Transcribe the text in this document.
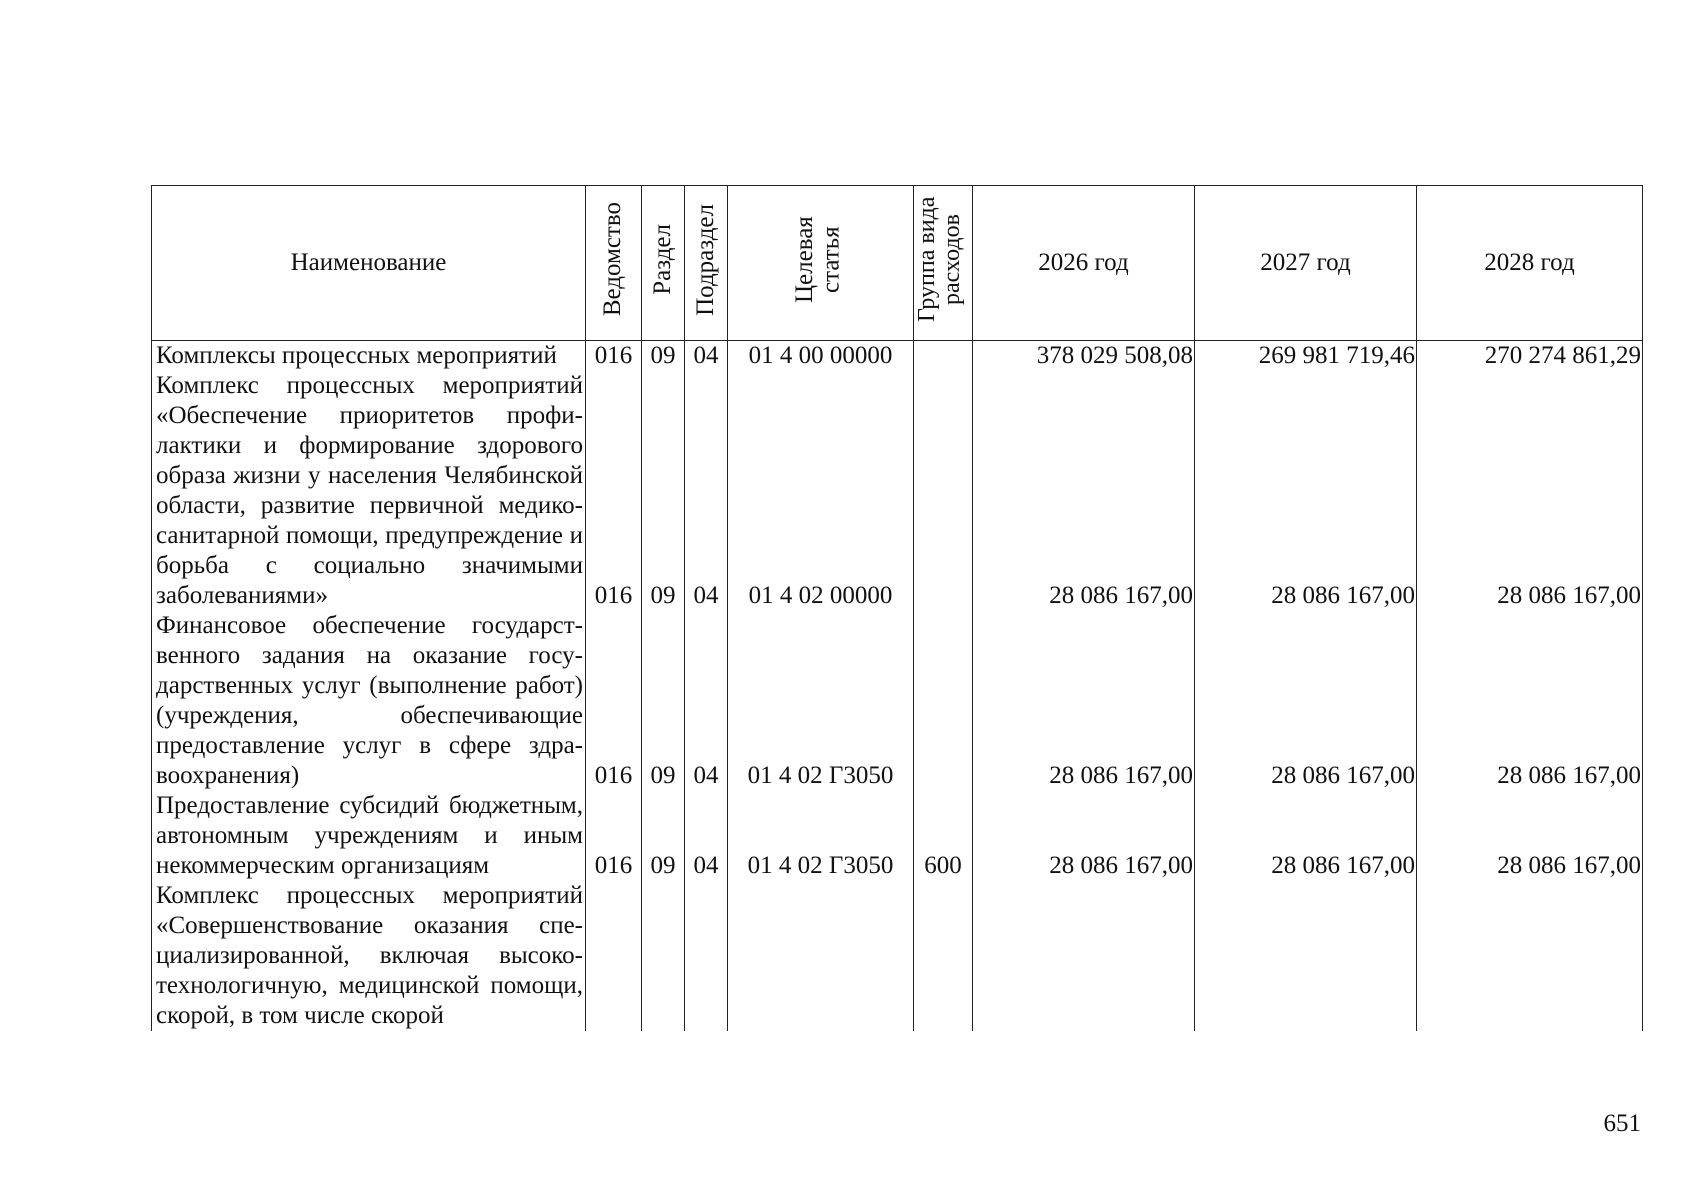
Наименование	Ведомство	Раздел	Подраздел	Целевая статья	Группа вида расходов	2026 год	2027 год	2028 год
Комплексы процессных мероприятий	016	09	04	01 4 00 00000		378 029 508,08	269 981 719,46	270 274 861,29
Комплекс процессных мероприятий «Обеспечение приоритетов профилактики и формирование здорового образа жизни у населения Челябинской области, развитие первичной медико-санитарной помощи, предупреждение и борьба с социально значимыми заболеваниями»	016	09	04	01 4 02 00000		28 086 167,00	28 086 167,00	28 086 167,00
Финансовое обеспечение государственного задания на оказание государственных услуг (выполнение работ) (учреждения, обеспечивающие предоставление услуг в сфере здравоохранения)	016	09	04	01 4 02 Г3050		28 086 167,00	28 086 167,00	28 086 167,00
Предоставление субсидий бюджетным, автономным учреждениям и иным некоммерческим организациям	016	09	04	01 4 02 Г3050	600	28 086 167,00	28 086 167,00	28 086 167,00
Комплекс процессных мероприятий «Совершенствование оказания специализированной, включая высокотехнологичную, медицинской помощи, скорой, в том числе скорой								
651
